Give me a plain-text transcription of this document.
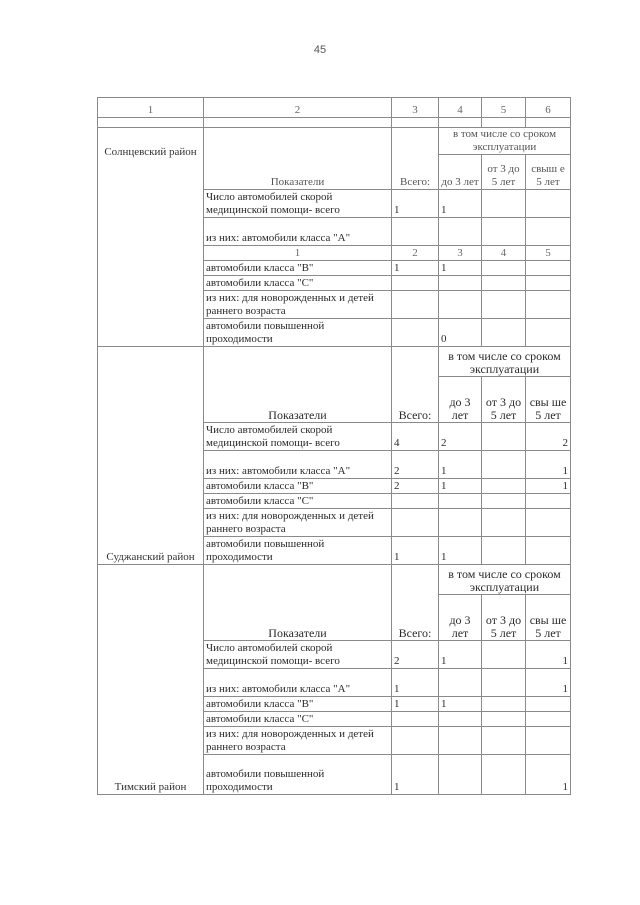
45
1	2	3	4	5	6

Солнцевский район	Показатели	Всего:	в том числе со сроком эксплуатации		
			до 3 лет	от 3 до 5 лет	свыш е 5 лет
	Число автомобилей скорой медицинской помощи- всего	1	1		
	из них: автомобили класса "А"				
	1	2	3	4	5
	автомобили класса "В"	1	1		
	автомобили класса "С"				
	из них: для новорожденных и детей раннего возраста				
	автомобили повышенной проходимости		0		

Суджанский район	Показатели	Всего:	в том числе со сроком эксплуатации		
			до 3 лет	от 3 до 5 лет	свы ше 5 лет
	Число автомобилей скорой медицинской помощи- всего	4	2		2
	из них: автомобили класса "А"	2	1		1
	автомобили класса "В"	2	1		1
	автомобили класса "С"				
	из них: для новорожденных и детей раннего возраста				
	автомобили повышенной проходимости	1	1		
Тимский район	Показатели	Всего:	в том числе со сроком эксплуатации		
			до 3 лет	от 3 до 5 лет	свы ше 5 лет
	Число автомобилей скорой медицинской помощи- всего	2	1		1
	из них: автомобили класса "А"	1			1
	автомобили класса "В"	1	1		
	автомобили класса "С"				
	из них: для новорожденных и детей раннего возраста				
	автомобили повышенной проходимости	1			1
